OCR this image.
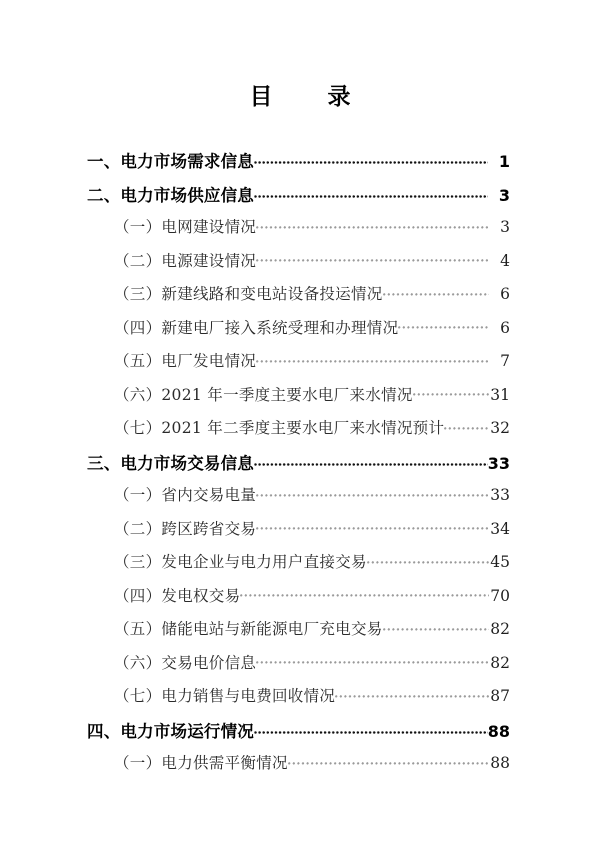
目　录
一、电力市场需求信息	1
二、电力市场供应信息	3
（一）电网建设情况	3
（二）电源建设情况	4
（三）新建线路和变电站设备投运情况	6
（四）新建电厂接入系统受理和办理情况	6
（五）电厂发电情况	7
（六）2021 年一季度主要水电厂来水情况	31
（七）2021 年二季度主要水电厂来水情况预计	32
三、电力市场交易信息	33
（一）省内交易电量	33
（二）跨区跨省交易	34
（三）发电企业与电力用户直接交易	45
（四）发电权交易	70
（五）储能电站与新能源电厂充电交易	82
（六）交易电价信息	82
（七）电力销售与电费回收情况	87
四、电力市场运行情况	88
（一）电力供需平衡情况	88
